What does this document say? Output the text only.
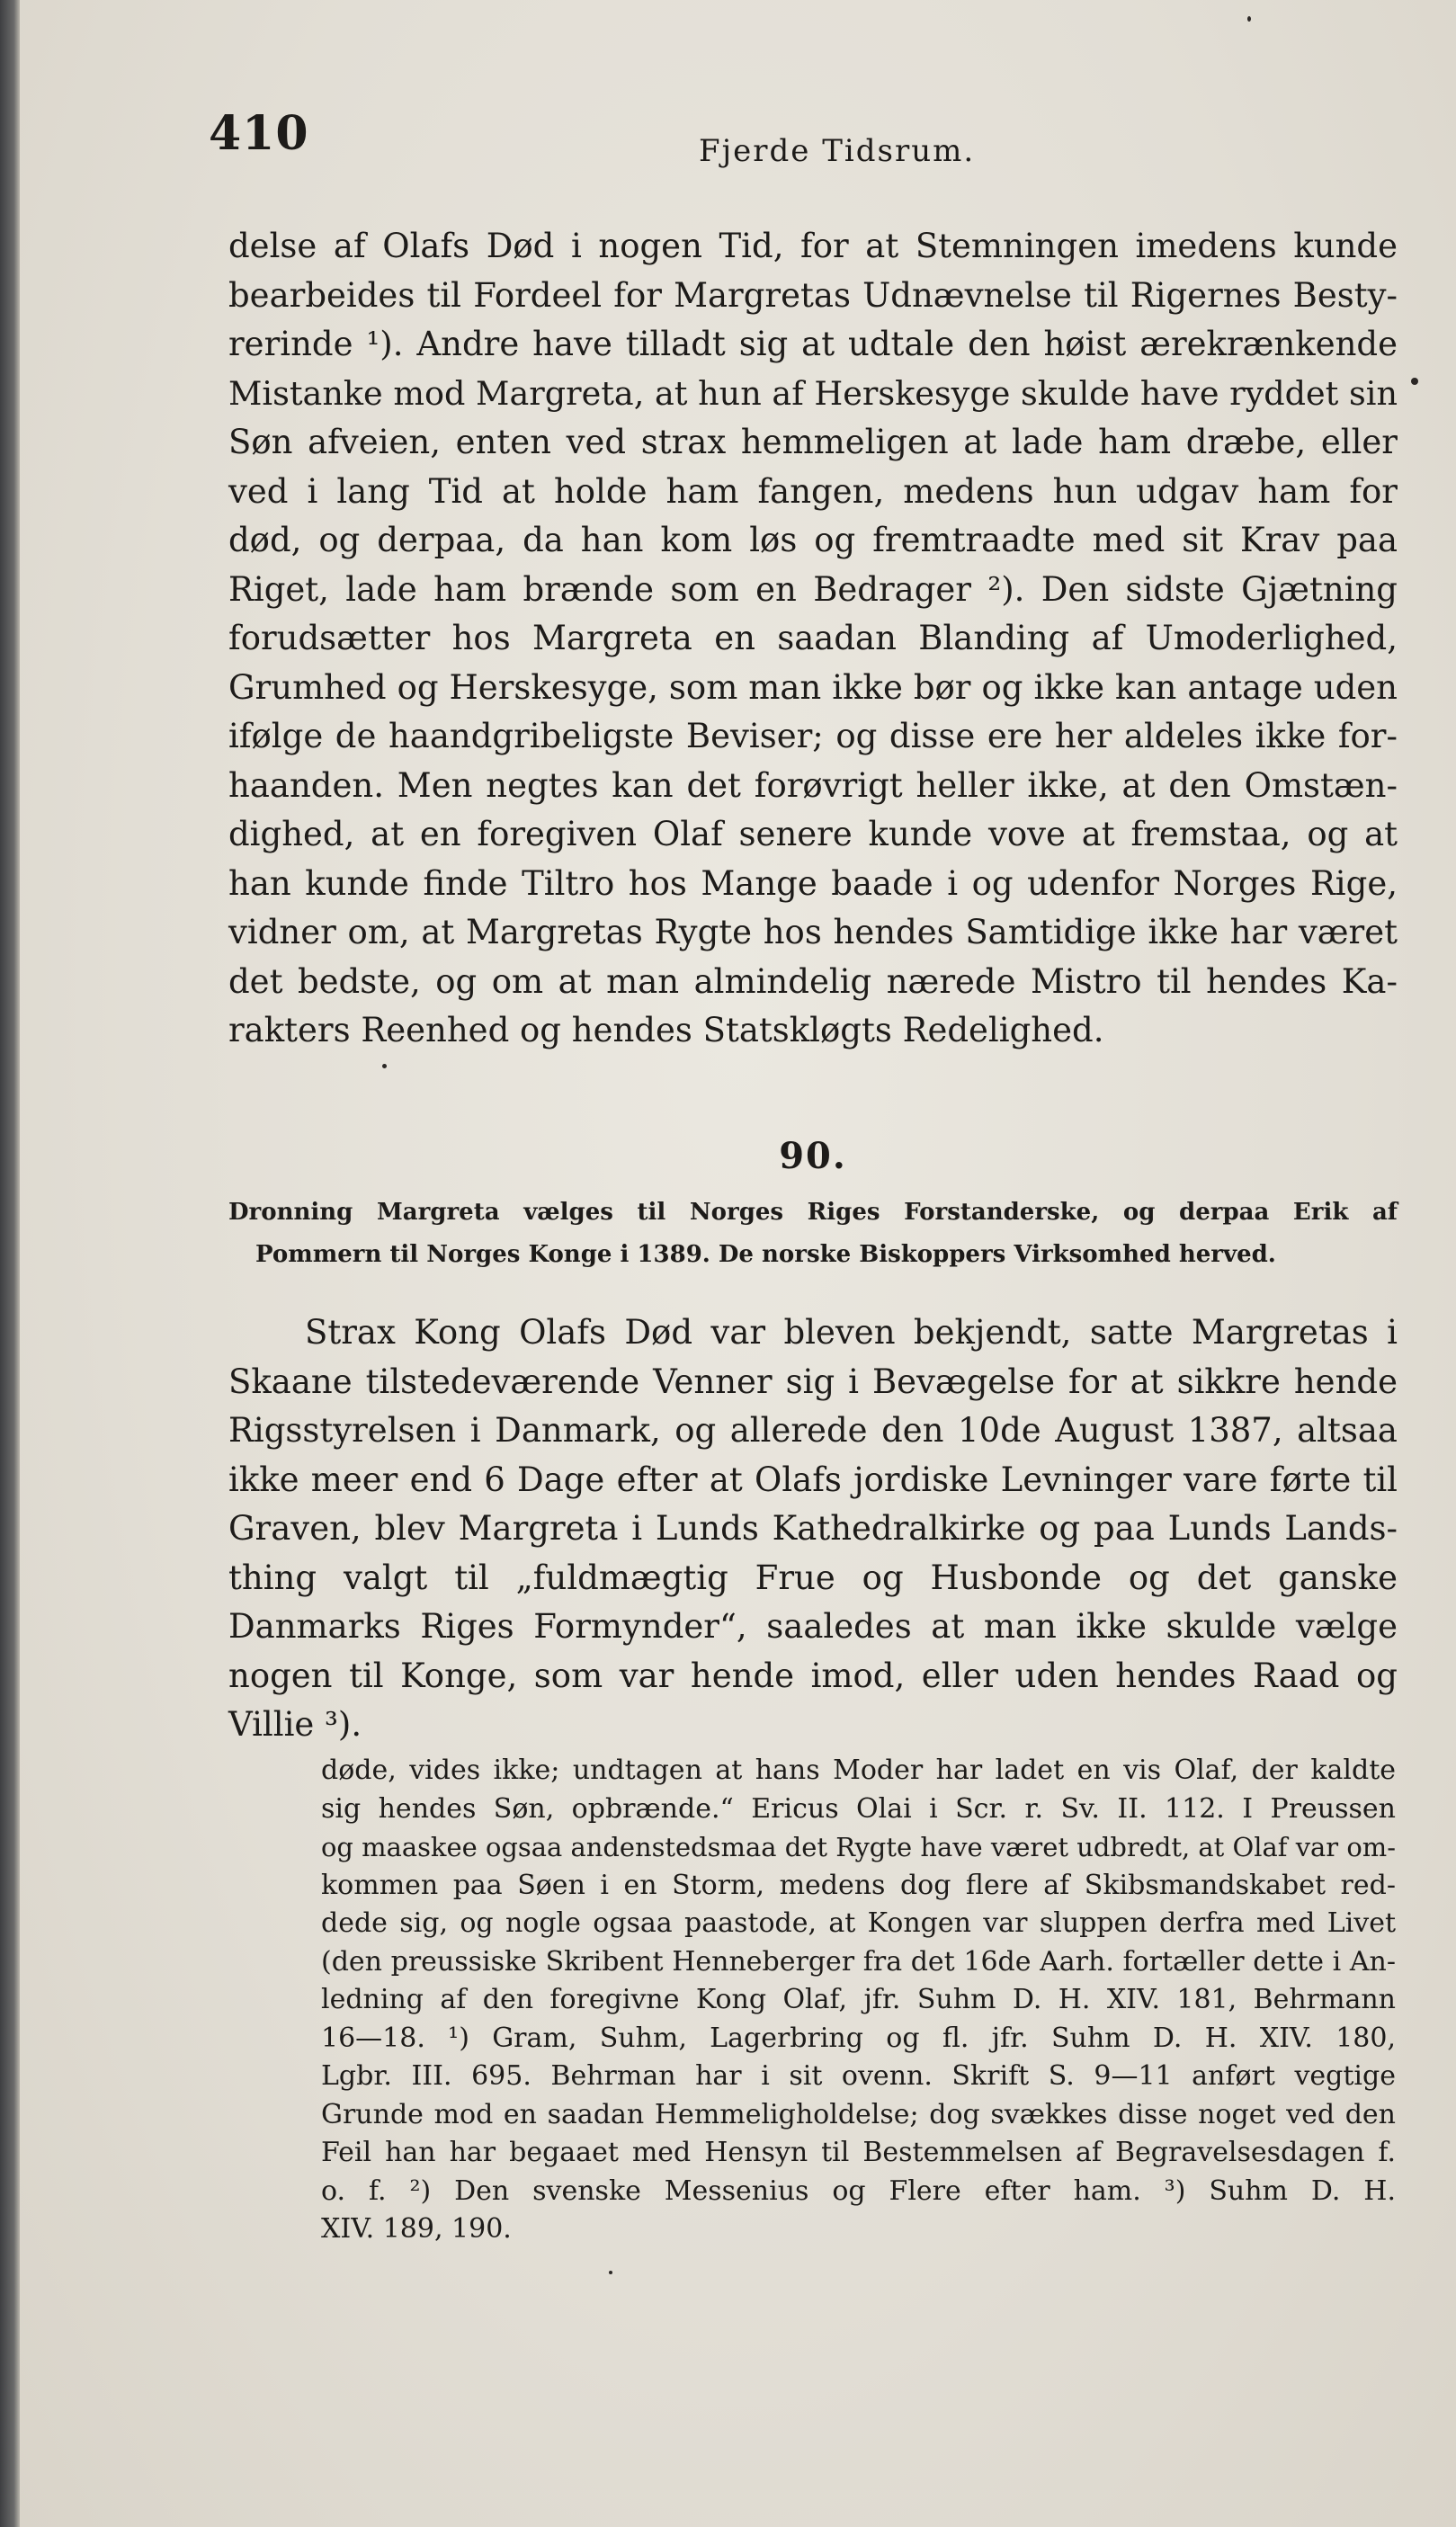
410	Fjerde Tidsrum.
delse af Olafs Død i nogen Tid, for at Stemningen imedens kunde
bearbeides til Fordeel for Margretas Udnævnelse til Rigernes Besty-
rerinde ¹). Andre have tilladt sig at udtale den høist ærekrænkende
Mistanke mod Margreta, at hun af Herskesyge skulde have ryddet sin
Søn afveien, enten ved strax hemmeligen at lade ham dræbe, eller
ved i lang Tid at holde ham fangen, medens hun udgav ham for
død, og derpaa, da han kom løs og fremtraadte med sit Krav paa
Riget, lade ham brænde som en Bedrager ²). Den sidste Gjætning
forudsætter hos Margreta en saadan Blanding af Umoderlighed,
Grumhed og Herskesyge, som man ikke bør og ikke kan antage uden
ifølge de haandgribeligste Beviser; og disse ere her aldeles ikke for-
haanden. Men negtes kan det forøvrigt heller ikke, at den Omstæn-
dighed, at en foregiven Olaf senere kunde vove at fremstaa, og at
han kunde finde Tiltro hos Mange baade i og udenfor Norges Rige,
vidner om, at Margretas Rygte hos hendes Samtidige ikke har været
det bedste, og om at man almindelig nærede Mistro til hendes Ka-
rakters Reenhed og hendes Statskløgts Redelighed.
90.
Dronning Margreta vælges til Norges Riges Forstanderske, og derpaa Erik af
Pommern til Norges Konge i 1389. De norske Biskoppers Virksomhed herved.
Strax Kong Olafs Død var bleven bekjendt, satte Margretas i
Skaane tilstedeværende Venner sig i Bevægelse for at sikkre hende
Rigsstyrelsen i Danmark, og allerede den 10de August 1387, altsaa
ikke meer end 6 Dage efter at Olafs jordiske Levninger vare førte til
Graven, blev Margreta i Lunds Kathedralkirke og paa Lunds Lands-
thing valgt til „fuldmægtig Frue og Husbonde og det ganske
Danmarks Riges Formynder“, saaledes at man ikke skulde vælge
nogen til Konge, som var hende imod, eller uden hendes Raad og
Villie ³).
døde, vides ikke; undtagen at hans Moder har ladet en vis Olaf, der kaldte
sig hendes Søn, opbrænde.“ Ericus Olai i Scr. r. Sv. II. 112. I Preussen
og maaskee ogsaa andenstedsmaa det Rygte have været udbredt, at Olaf var om-
kommen paa Søen i en Storm, medens dog flere af Skibsmandskabet red-
dede sig, og nogle ogsaa paastode, at Kongen var sluppen derfra med Livet
(den preussiske Skribent Henneberger fra det 16de Aarh. fortæller dette i An-
ledning af den foregivne Kong Olaf, jfr. Suhm D. H. XIV. 181, Behrmann
16—18. ¹) Gram, Suhm, Lagerbring og fl. jfr. Suhm D. H. XIV. 180,
Lgbr. III. 695. Behrman har i sit ovenn. Skrift S. 9—11 anført vegtige
Grunde mod en saadan Hemmeligholdelse; dog svækkes disse noget ved den
Feil han har begaaet med Hensyn til Bestemmelsen af Begravelsesdagen f.
o. f. ²) Den svenske Messenius og Flere efter ham. ³) Suhm D. H.
XIV. 189, 190.
